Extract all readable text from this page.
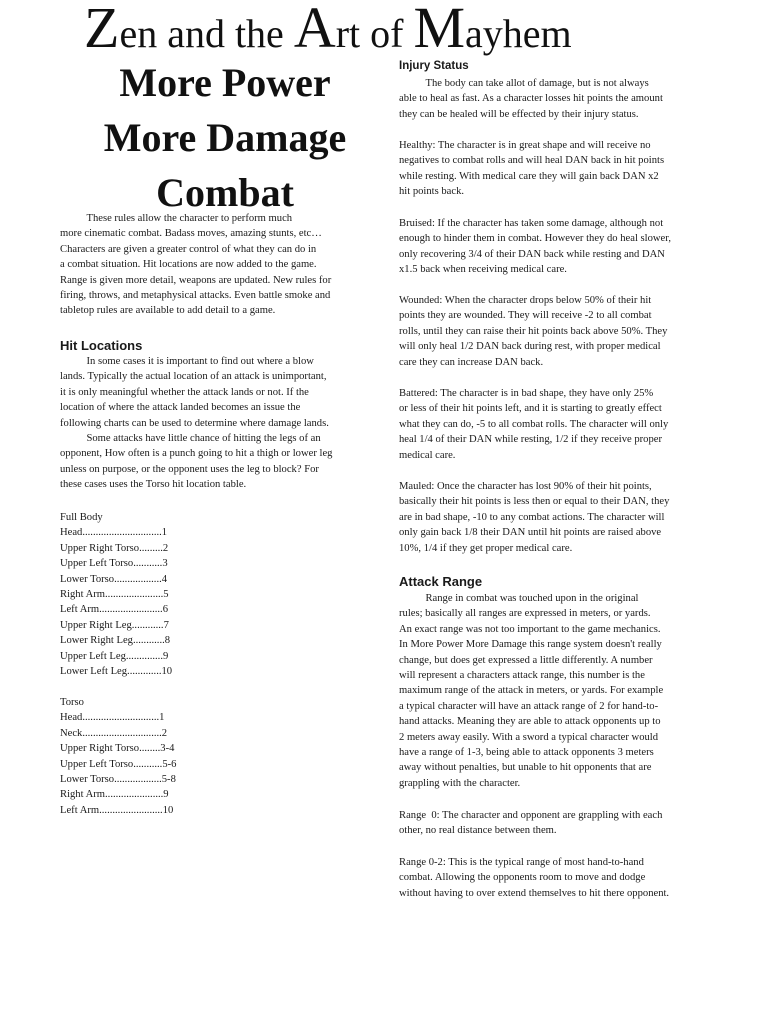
Zen and the Art of Mayhem
More Power
More Damage
Combat

These rules allow the character to perform much
more cinematic combat. Badass moves, amazing stunts, etc…
Characters are given a greater control of what they can do in
a combat situation. Hit locations are now added to the game.
Range is given more detail, weapons are updated. New rules for
firing, throws, and metaphysical attacks. Even battle smoke and
tabletop rules are available to add detail to a game.

Hit Locations

In some cases it is important to find out where a blow
lands. Typically the actual location of an attack is unimportant,
it is only meaningful whether the attack lands or not. If the
location of where the attack landed becomes an issue the
following charts can be used to determine where damage lands.
Some attacks have little chance of hitting the legs of an
opponent, How often is a punch going to hit a thigh or lower leg
unless on purpose, or the opponent uses the leg to block? For
these cases uses the Torso hit location table.

Full Body

Head..............................1
Upper Right Torso.........2
Upper Left Torso...........3
Lower Torso..................4
Right Arm......................5
Left Arm........................6
Upper Right Leg............7
Lower Right Leg............8
Upper Left Leg..............9
Lower Left Leg.............10

Torso

Head.............................1
Neck..............................2
Upper Right Torso........3-4
Upper Left Torso...........5-6
Lower Torso..................5-8
Right Arm......................9
Left Arm........................10
Injury Status

The body can take allot of damage, but is not always
able to heal as fast. As a character losses hit points the amount
they can be healed will be effected by their injury status.

Healthy: The character is in great shape and will receive no
negatives to combat rolls and will heal DAN back in hit points
while resting. With medical care they will gain back DAN x2
hit points back.

Bruised: If the character has taken some damage, although not
enough to hinder them in combat. However they do heal slower,
only recovering 3/4 of their DAN back while resting and DAN
x1.5 back when receiving medical care.

Wounded: When the character drops below 50% of their hit
points they are wounded. They will receive -2 to all combat
rolls, until they can raise their hit points back above 50%. They
will only heal 1/2 DAN back during rest, with proper medical
care they can increase DAN back.

Battered: The character is in bad shape, they have only 25%
or less of their hit points left, and it is starting to greatly effect
what they can do, -5 to all combat rolls. The character will only
heal 1/4 of their DAN while resting, 1/2 if they receive proper
medical care.

Mauled: Once the character has lost 90% of their hit points,
basically their hit points is less then or equal to their DAN, they
are in bad shape, -10 to any combat actions. The character will
only gain back 1/8 their DAN until hit points are raised above
10%, 1/4 if they get proper medical care.

Attack Range

Range in combat was touched upon in the original
rules; basically all ranges are expressed in meters, or yards.
An exact range was not too important to the game mechanics.
In More Power More Damage this range system doesn't really
change, but does get expressed a little differently. A number
will represent a characters attack range, this number is the
maximum range of the attack in meters, or yards. For example
a typical character will have an attack range of 2 for hand-to-
hand attacks. Meaning they are able to attack opponents up to
2 meters away easily. With a sword a typical character would
have a range of 1-3, being able to attack opponents 3 meters
away without penalties, but unable to hit opponents that are
grappling with the character.

Range  0: The character and opponent are grappling with each
other, no real distance between them.

Range 0-2: This is the typical range of most hand-to-hand
combat. Allowing the opponents room to move and dodge
without having to over extend themselves to hit there opponent.
